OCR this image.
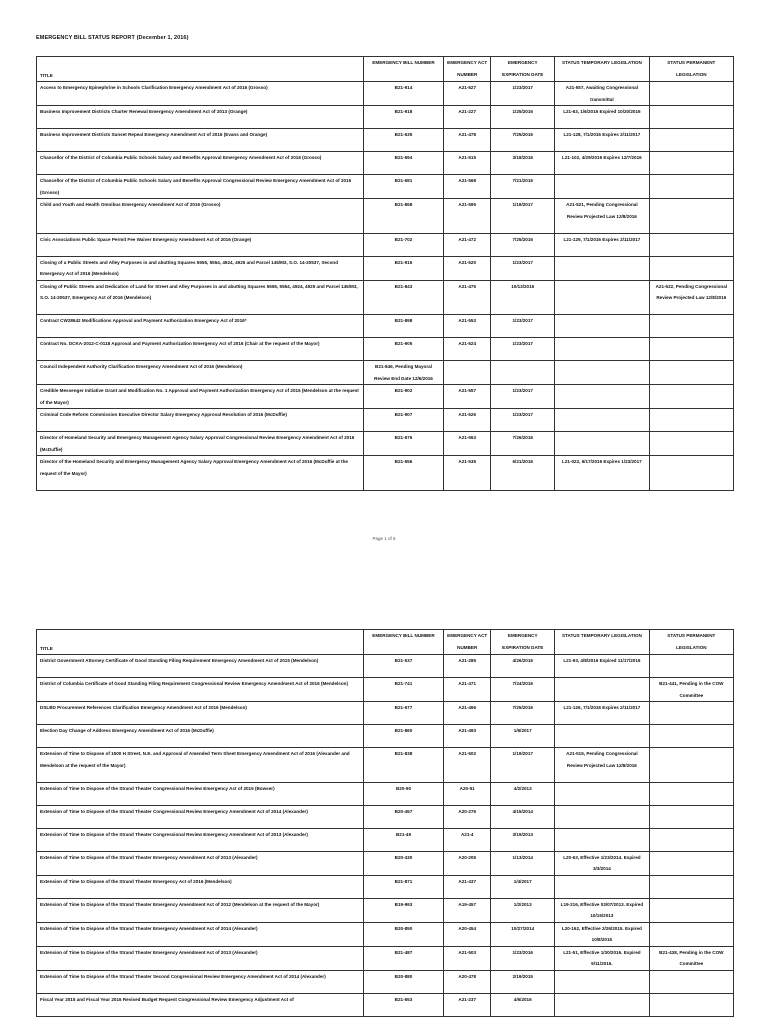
EMERGENCY BILL STATUS REPORT (December 1, 2016)
TITLE	EMERGENCY BILL NUMBER	EMERGENCY ACT NUMBER	EMERGENCY EXPIRATION DATE	STATUS TEMPORARY LEGISLATION	STATUS PERMANENT LEGISLATION
Access to Emergency Epinephrine in Schools Clarification Emergency Amendment Act of 2016 (Grosso)	B21-914	A21-527	1/23/2017	A21-557, Awaiting Congressional transmittal	
Business Improvement Districts Charter Renewal Emergency Amendment Act of 2013 (Orange)	B21-918	A21-227	1/25/2016	L21-63, 1/6/2016 Expired 10/20/2016	
Business Improvement Districts Sunset Repeal Emergency Amendment Act of 2016 (Evans and Orange)	B21-635	A21-478	7/25/2016	L21-128, 7/1/2016 Expires 2/11/2017	
Chancellor of the District of Columbia Public Schools Salary and Benefits Approval Emergency Amendment Act of 2016 (Grosso)	B21-594	A21-515	3/18/2016	L21-102, 4/29/2016 Expires 12/7/2016	
Chancellor of the District of Columbia Public Schools Salary and Benefits Approval Congressional Review Emergency Amendment Act of 2016 (Grosso)	B21-681	A21-568	7/21/2016		
Child and Youth and Health Omnibus Emergency Amendment Act of 2016 (Grosso)	B21-868	A21-595	1/19/2017	A21-521, Pending Congressional Review Projected Law 12/8/2016	
Civic Associations Public Space Permit Fee Waiver Emergency Amendment Act of 2016 (Orange)	B21-702	A21-472	7/25/2016	L21-129, 7/1/2016 Expires 2/11/2017	
Closing of a Public Streets and Alley Purposes in and abutting Squares 5555, 5554, 4924, 4925 and Parcel 145/M3, S.O. 14-20537, Second Emergency Act of 2016 (Mendelson)	B21-916	A21-520	1/23/2017		
Closing of Public Streets and Dedication of Land for Street and Alley Purposes in and abutting Squares 5555, 5554, 4924, 4925 and Parcel 145/M3, S.O. 14-20537, Emergency Act of 2016 (Mendelson)	B21-843	A21-475	10/13/2016		A21-522, Pending Congressional Review Projected Law 12/8/2016
Contract CW28642 Modifications Approval and Payment Authorization Emergency Act of 2016*	B21-898	A21-553	1/23/2017		
Contract No. DCKA-2012-C-0118 Approval and Payment Authorization Emergency Act of 2016 (Chair at the request of the Mayor)	B21-905	A21-524	1/23/2017		
Council Independent Authority Clarification Emergency Amendment Act of 2016 (Mendelson)	B21-846, Pending Mayoral Review End Date 12/6/2016				
Credible Messenger Initiative Grant and Modification No. 1 Approval and Payment Authorization Emergency Act of 2016 (Mendelson at the request of the Mayor)	B21-902	A21-557	1/23/2017		
Criminal Code Reform Commission Executive Director Salary Emergency Approval Resolution of 2016 (McDuffie)	B21-907	A21-526	1/23/2017		
Director of Homeland Security and Emergency Management Agency Salary Approval Congressional Review Emergency Amendment Act of 2016 (McDuffie)	B21-676	A21-563	7/26/2016		
Director of the Homeland Security and Emergency Management Agency Salary Approval Emergency Amendment Act of 2016 (McDuffie at the request of the Mayor)	B21-556	A21-535	6/21/2016	L21-022, 6/17/2016 Expires 1/23/2017	
Page 1 of 6
TITLE	EMERGENCY BILL NUMBER	EMERGENCY ACT NUMBER	EMERGENCY EXPIRATION DATE	STATUS TEMPORARY LEGISLATION	STATUS PERMANENT LEGISLATION
District Government Attorney Certificate of Good Standing Filing Requirement Emergency Amendment Act of 2015 (Mendelson)	B21-537	A21-285	4/26/2016	L21-93, 4/8/2016 Expired 11/17/2016	
District of Columbia Certificate of Good Standing Filing Requirement Congressional Review Emergency Amendment Act of 2016 (Mendelson)	B21-741	A21-471	7/24/2016		B21-441, Pending in the COW Committee
DSLBD Procurement References Clarification Emergency Amendment Act of 2016 (Mendelson)	B21-677	A21-466	7/25/2016	L21-126, 7/1/2016 Expires 2/11/2017	
Election Day Change of Address Emergency Amendment Act of 2016 (McDuffie)	B21-860	A21-493	1/6/2017		
Extension of Time to Dispose of 1500 H Street, N.E. and Approval of Amended Term Sheet Emergency Amendment Act of 2016 (Alexander and Mendelson at the request of the Mayor)	B21-838	A21-502	1/19/2017	A21-515, Pending Congressional Review Projected Law 12/8/2016	
Extension of Time to Dispose of the Strand Theater Congressional Review Emergency Act of 2015 (Bowser)	B20-90	A20-51	4/2/2013		
Extension of Time to Dispose of the Strand Theater Congressional Review Emergency Amendment Act of 2014 (Alexander)	B20-457	A20-276	4/15/2014		
Extension of Time to Dispose of the Strand Theater Congressional Review Emergency Amendment Act of 2013 (Alexander)	B21-49	A21-4	3/19/2013		
Extension of Time to Dispose of the Strand Theater Emergency Amendment Act of 2013 (Alexander)	B20-430	A20-205	1/13/2014	L20-63, Effective 1/23/2014. Expired 3/3/2014	
Extension of Time to Dispose of the Strand Theater Emergency Act of 2016 (Mendelson)	B21-871	A21-437	1/4/2017		
Extension of Time to Dispose of the Strand Theater Emergency Amendment Act of 2012 (Mendelson at the request of the Mayor)	B19-993	A19-457	1/2/2013	L19-216, Effective 03/07/2013. Expired 10/15/2013	
Extension of Time to Dispose of the Strand Theater Emergency Amendment Act of 2014 (Alexander)	B20-850	A20-454	10/27/2014	L20-162, Effective 2/26/2015. Expired 10/8/2015	
Extension of Time to Dispose of the Strand Theater Emergency Amendment Act of 2013 (Alexander)	B21-487	A21-503	1/23/2016	L21-51, Effective 1/30/2016. Expired 9/11/2016.	B21-438, Pending in the COW Committee
Extension of Time to Dispose of the Strand Theater Second Congressional Review Emergency Amendment Act of 2014 (Alexander)	B20-880	A20-478	2/19/2015		
Fiscal Year 2015 and Fiscal Year 2016 Revised Budget Request Congressional Review Emergency Adjustment Act of	B21-553	A21-237	4/6/2016		
